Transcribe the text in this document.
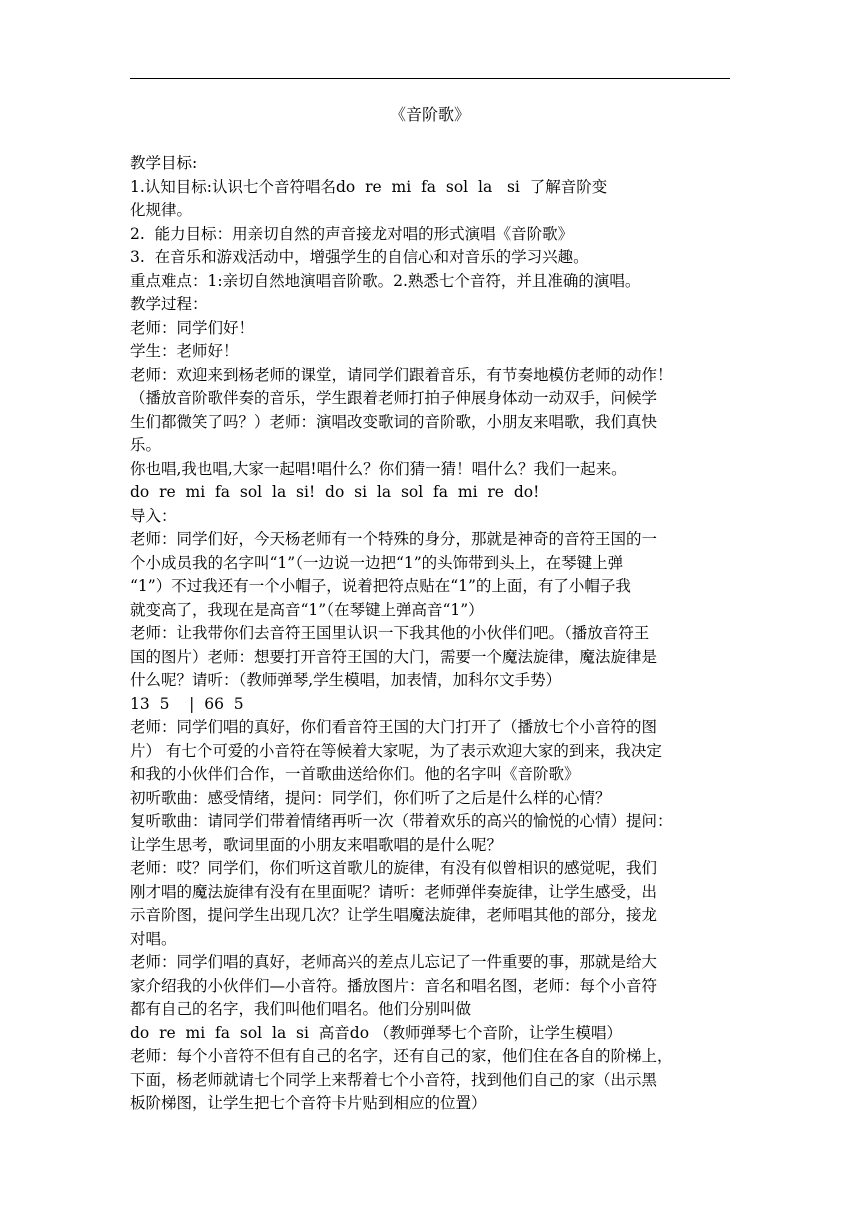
《音阶歌》
教学目标:
1.认知目标:认识七个音符唱名do  re  mi  fa  sol  la   si  了解音阶变
化规律。
2.  能力目标：用亲切自然的声音接龙对唱的形式演唱《音阶歌》
3.  在音乐和游戏活动中，增强学生的自信心和对音乐的学习兴趣。
重点难点：1:亲切自然地演唱音阶歌。2.熟悉七个音符，并且准确的演唱。
教学过程：
老师：同学们好！
学生：老师好！
老师：欢迎来到杨老师的课堂，请同学们跟着音乐，有节奏地模仿老师的动作！
（播放音阶歌伴奏的音乐，学生跟着老师打拍子伸展身体动一动双手，问候学
生们都微笑了吗？）老师：演唱改变歌词的音阶歌，小朋友来唱歌，我们真快
乐。
你也唱,我也唱,大家一起唱!唱什么？你们猜一猜！唱什么？我们一起来。
do  re  mi  fa  sol  la  si!  do  si  la  sol  fa  mi  re  do!
导入：
老师：同学们好，今天杨老师有一个特殊的身分，那就是神奇的音符王国的一
个小成员我的名字叫“1”（一边说一边把“1”的头饰带到头上，在琴键上弹
“1”）不过我还有一个小帽子，说着把符点贴在“1”的上面，有了小帽子我
就变高了，我现在是高音“1”（在琴键上弹高音“1”）
老师：让我带你们去音符王国里认识一下我其他的小伙伴们吧。（播放音符王
国的图片）老师：想要打开音符王国的大门，需要一个魔法旋律，魔法旋律是
什么呢？请听：（教师弹琴,学生模唱，加表情，加科尔文手势）
13  5    |  66  5
老师：同学们唱的真好，你们看音符王国的大门打开了（播放七个小音符的图
片） 有七个可爱的小音符在等候着大家呢，为了表示欢迎大家的到来，我决定
和我的小伙伴们合作，一首歌曲送给你们。他的名字叫《音阶歌》
初听歌曲：感受情绪，提问：同学们，你们听了之后是什么样的心情？
复听歌曲：请同学们带着情绪再听一次（带着欢乐的高兴的愉悦的心情）提问：
让学生思考，歌词里面的小朋友来唱歌唱的是什么呢？
老师：哎？同学们，你们听这首歌儿的旋律，有没有似曾相识的感觉呢，我们
刚才唱的魔法旋律有没有在里面呢？请听：老师弹伴奏旋律，让学生感受，出
示音阶图，提问学生出现几次？让学生唱魔法旋律，老师唱其他的部分，接龙
对唱。
老师：同学们唱的真好，老师高兴的差点儿忘记了一件重要的事，那就是给大
家介绍我的小伙伴们—小音符。播放图片：音名和唱名图，老师：每个小音符
都有自己的名字，我们叫他们唱名。他们分别叫做
do  re  mi  fa  sol  la  si  高音do （教师弹琴七个音阶，让学生模唱）
老师：每个小音符不但有自己的名字，还有自己的家，他们住在各自的阶梯上，
下面，杨老师就请七个同学上来帮着七个小音符，找到他们自己的家（出示黑
板阶梯图，让学生把七个音符卡片贴到相应的位置）
